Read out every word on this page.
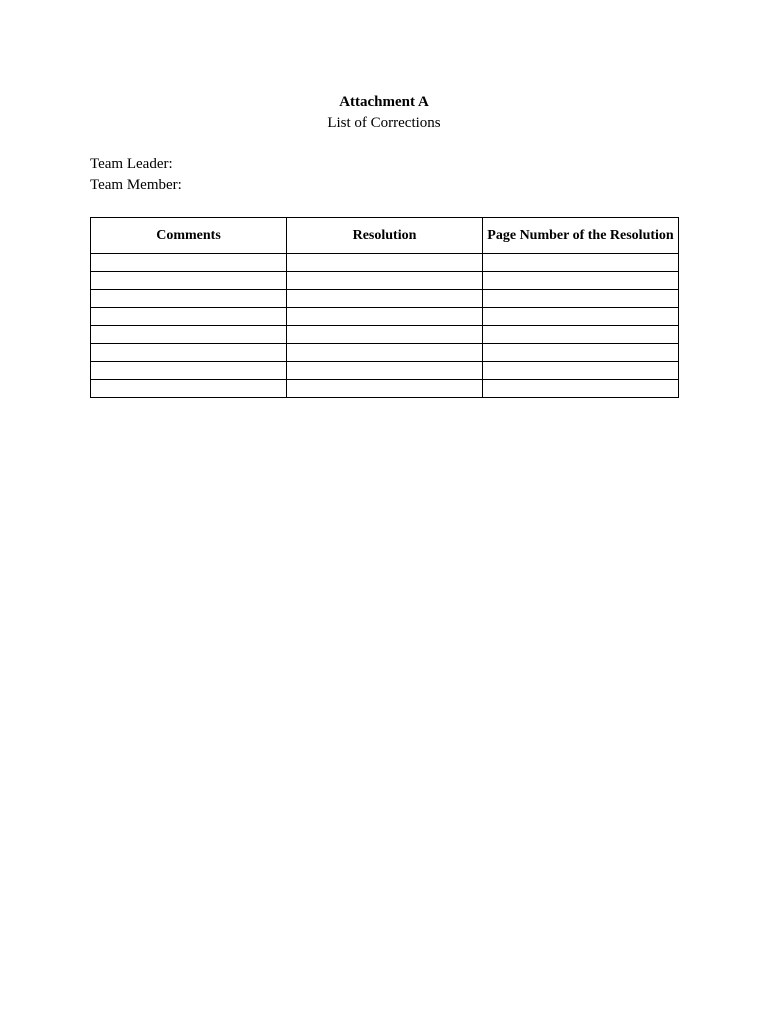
Attachment A
List of Corrections
Team Leader:
Team Member:
Comments	Resolution	Page Number of the Resolution
